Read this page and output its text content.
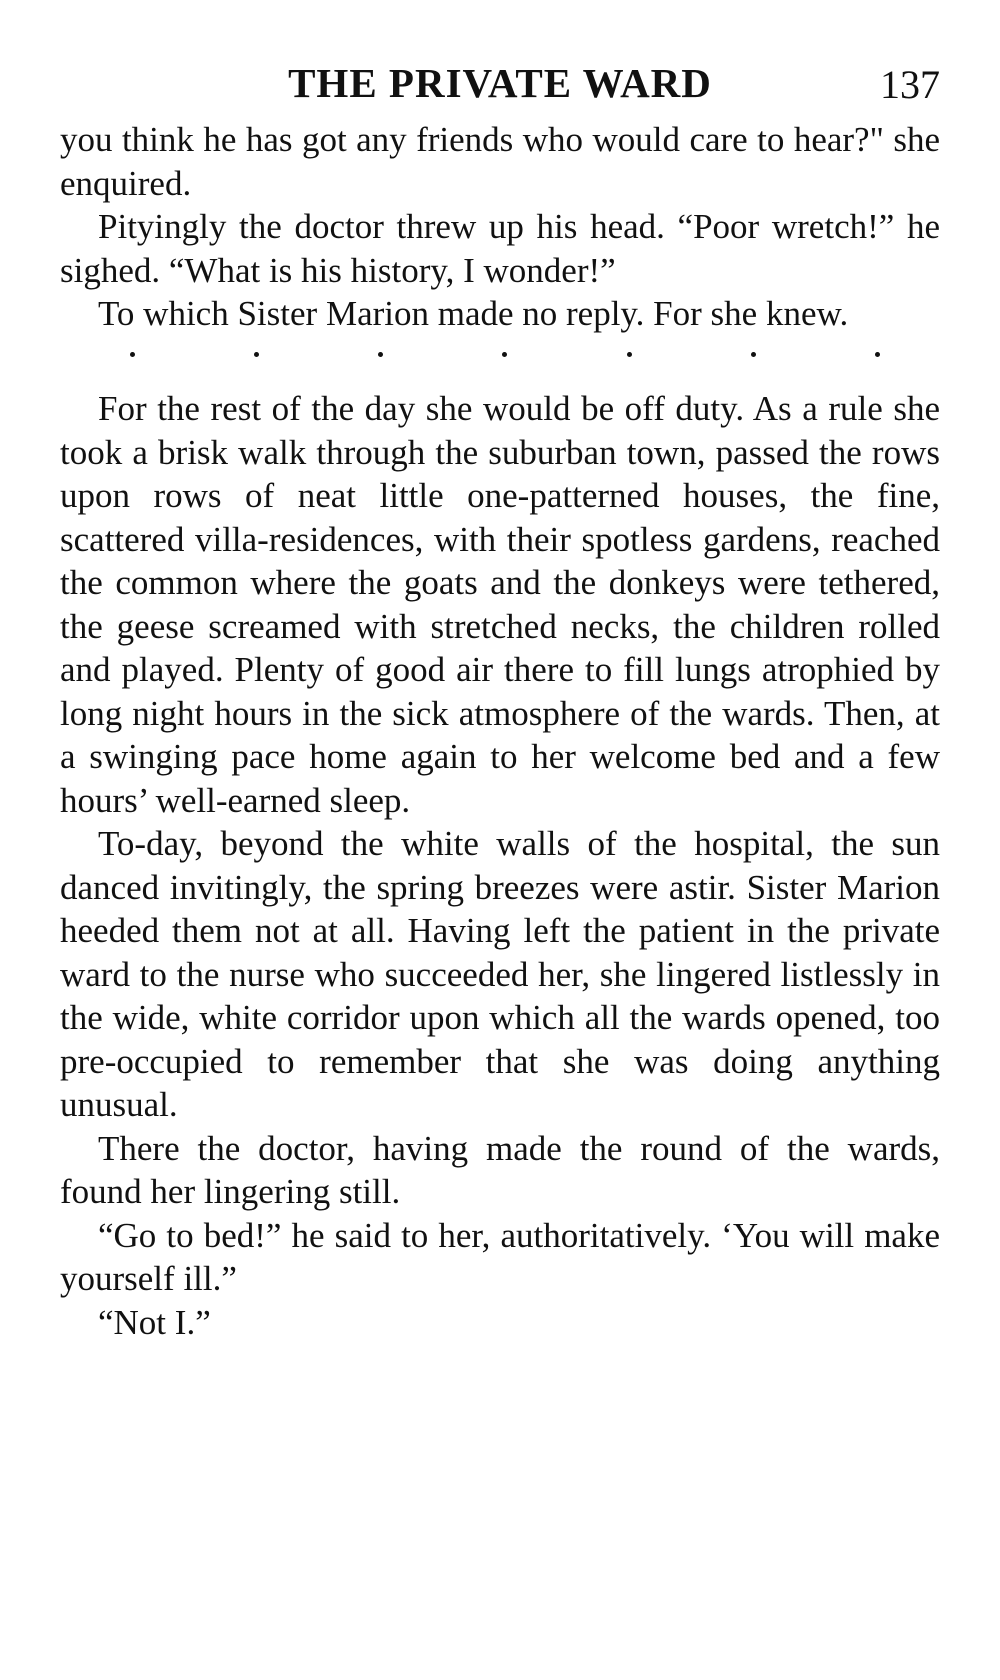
THE PRIVATE WARD	137

you think he has got any friends who would care to hear?" she enquired.

Pityingly the doctor threw up his head. “Poor wretch!” he sighed. “What is his history, I wonder!”

To which Sister Marion made no reply. For she knew.

For the rest of the day she would be off duty. As a rule she took a brisk walk through the suburban town, passed the rows upon rows of neat little one-patterned houses, the fine, scattered villa-residences, with their spotless gardens, reached the common where the goats and the donkeys were tethered, the geese screamed with stretched necks, the children rolled and played. Plenty of good air there to fill lungs atrophied by long night hours in the sick atmosphere of the wards. Then, at a swinging pace home again to her welcome bed and a few hours’ well-earned sleep.

To-day, beyond the white walls of the hospital, the sun danced invitingly, the spring breezes were astir. Sister Marion heeded them not at all. Having left the patient in the private ward to the nurse who succeeded her, she lingered listlessly in the wide, white corridor upon which all the wards opened, too pre-occupied to remember that she was doing anything unusual.

There the doctor, having made the round of the wards, found her lingering still.

“Go to bed!” he said to her, authoritatively. ‘You will make yourself ill.”

“Not I.”
